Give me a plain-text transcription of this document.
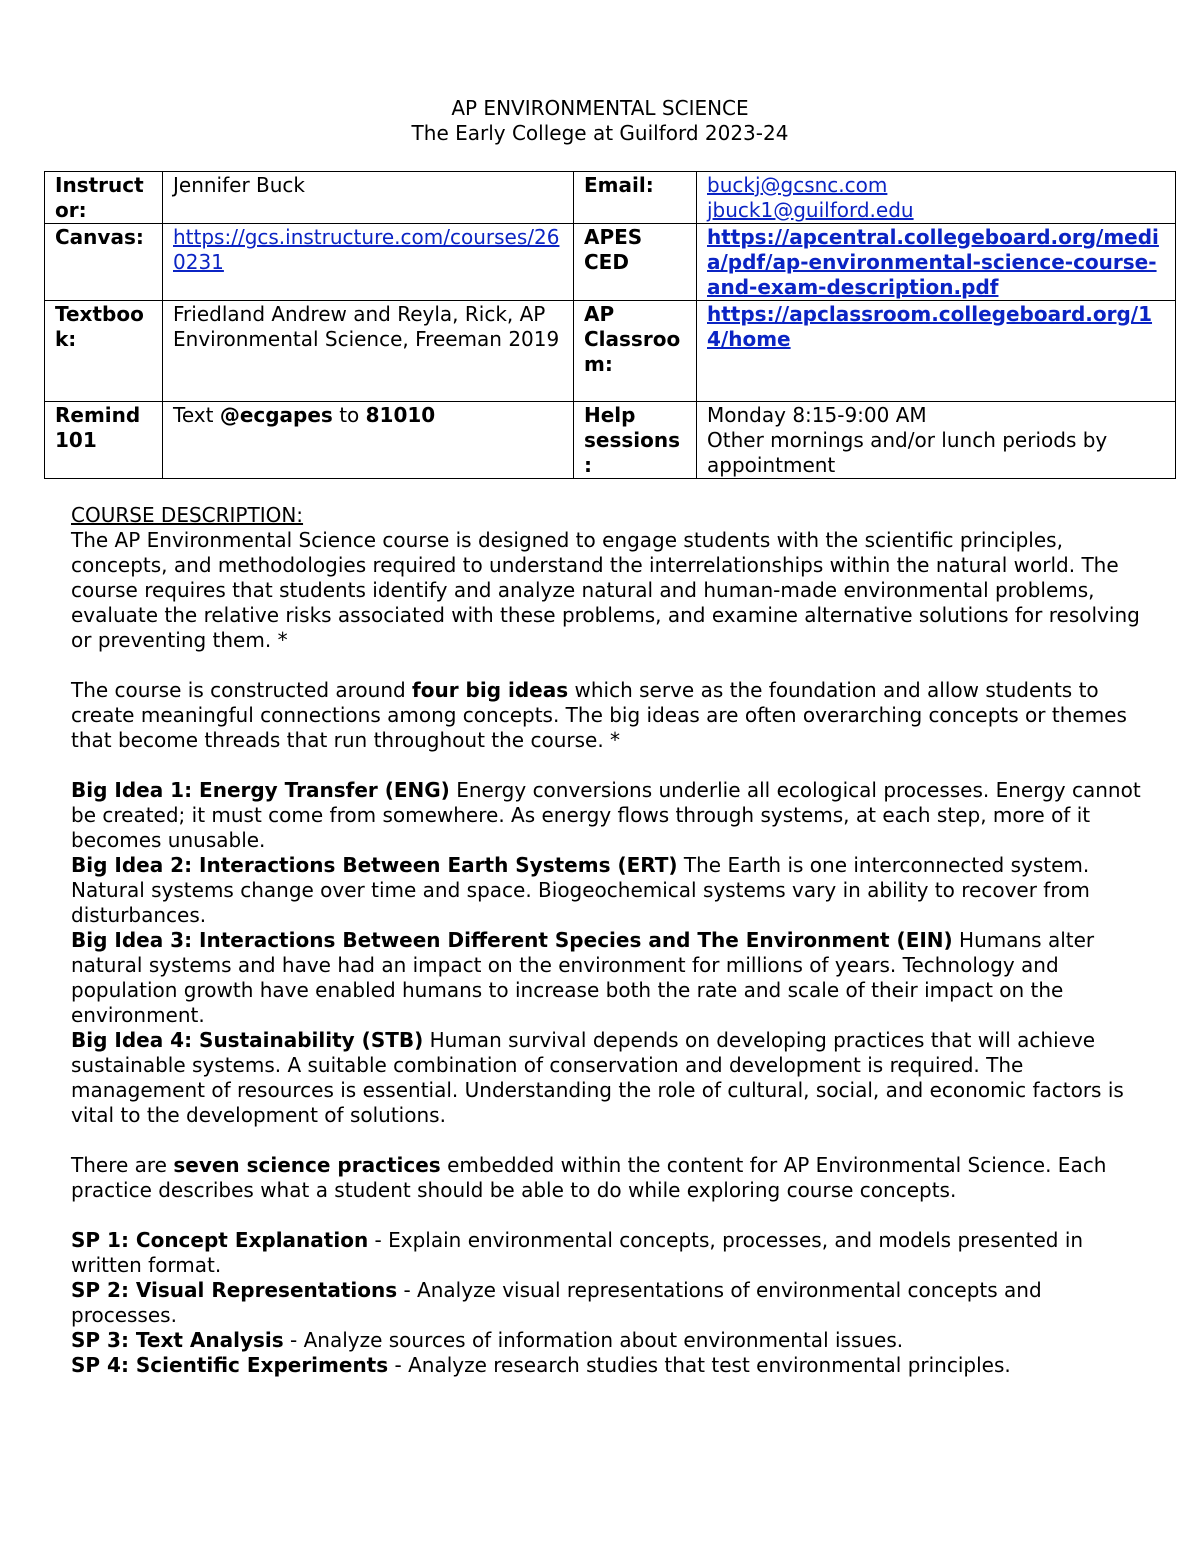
AP ENVIRONMENTAL SCIENCE
The Early College at Guilford 2023-24
Instructor:	Jennifer Buck	Email:	buckj@gcsnc.com
jbuck1@guilford.edu
Canvas:	https://gcs.instructure.com/courses/260231	APES CED	https://apcentral.collegeboard.org/media/pdf/ap-environmental-science-course-and-exam-description.pdf
Textbook:	Friedland Andrew and Reyla, Rick, AP Environmental Science, Freeman 2019	AP Classroom:	https://apclassroom.collegeboard.org/14/home
Remind 101	Text @ecgapes to 81010	Help sessions:	Monday 8:15-9:00 AM
Other mornings and/or lunch periods by appointment

COURSE DESCRIPTION:

The AP Environmental Science course is designed to engage students with the scientific principles, concepts, and methodologies required to understand the interrelationships within the natural world. The course requires that students identify and analyze natural and human-made environmental problems, evaluate the relative risks associated with these problems, and examine alternative solutions for resolving or preventing them. *

The course is constructed around four big ideas which serve as the foundation and allow students to create meaningful connections among concepts. The big ideas are often overarching concepts or themes that become threads that run throughout the course. *

Big Idea 1: Energy Transfer (ENG) Energy conversions underlie all ecological processes. Energy cannot be created; it must come from somewhere. As energy flows through systems, at each step, more of it becomes unusable.

Big Idea 2: Interactions Between Earth Systems (ERT) The Earth is one interconnected system. Natural systems change over time and space. Biogeochemical systems vary in ability to recover from disturbances.

Big Idea 3: Interactions Between Different Species and The Environment (EIN) Humans alter natural systems and have had an impact on the environment for millions of years. Technology and population growth have enabled humans to increase both the rate and scale of their impact on the environment.

Big Idea 4: Sustainability (STB) Human survival depends on developing practices that will achieve sustainable systems. A suitable combination of conservation and development is required. The management of resources is essential. Understanding the role of cultural, social, and economic factors is vital to the development of solutions.

There are seven science practices embedded within the content for AP Environmental Science. Each practice describes what a student should be able to do while exploring course concepts.

SP 1: Concept Explanation - Explain environmental concepts, processes, and models presented in written format.

SP 2: Visual Representations - Analyze visual representations of environmental concepts and processes.

SP 3: Text Analysis - Analyze sources of information about environmental issues.

SP 4: Scientific Experiments - Analyze research studies that test environmental principles.
